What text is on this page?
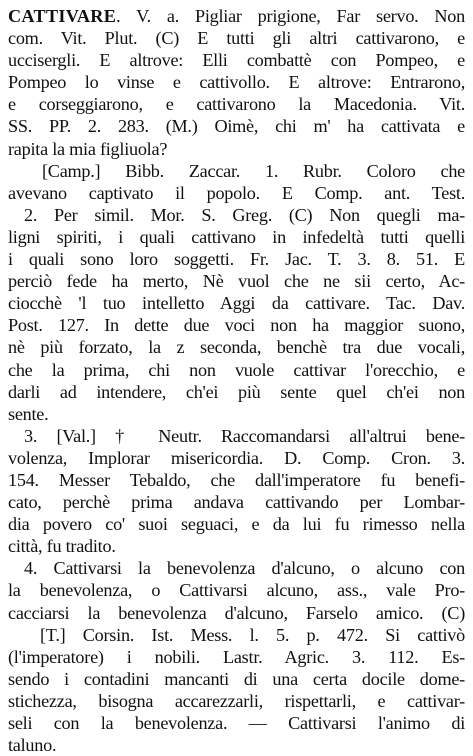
CATTIVARE. V. a. Pigliar prigione, Far servo. Non
com. Vit. Plut. (C) E tutti gli altri cattivarono, e
uccisergli. E altrove: Elli combattè con Pompeo, e
Pompeo lo vinse e cattivollo. E altrove: Entrarono,
e corseggiarono, e cattivarono la Macedonia. Vit.
SS. PP. 2. 283. (M.) Oimè, chi m' ha cattivata e
rapita la mia figliuola?
[Camp.] Bibb. Zaccar. 1. Rubr. Coloro che
avevano captivato il popolo. E Comp. ant. Test.
2. Per simil. Mor. S. Greg. (C) Non quegli ma-
ligni spiriti, i quali cattivano in infedeltà tutti quelli
i quali sono loro soggetti. Fr. Jac. T. 3. 8. 51. E
perciò fede ha merto, Nè vuol che ne sii certo, Ac-
ciocchè 'l tuo intelletto Aggi da cattivare. Tac. Dav.
Post. 127. In dette due voci non ha maggior suono,
nè più forzato, la z seconda, benchè tra due vocali,
che la prima, chi non vuole cattivar l'orecchio, e
darli ad intendere, ch'ei più sente quel ch'ei non
sente.
3. [Val.] † Neutr. Raccomandarsi all'altrui bene-
volenza, Implorar misericordia. D. Comp. Cron. 3.
154. Messer Tebaldo, che dall'imperatore fu benefi-
cato, perchè prima andava cattivando per Lombar-
dia povero co' suoi seguaci, e da lui fu rimesso nella
città, fu tradito.
4. Cattivarsi la benevolenza d'alcuno, o alcuno con
la benevolenza, o Cattivarsi alcuno, ass., vale Pro-
cacciarsi la benevolenza d'alcuno, Farselo amico. (C)
[T.] Corsin. Ist. Mess. l. 5. p. 472. Si cattivò
(l'imperatore) i nobili. Lastr. Agric. 3. 112. Es-
sendo i contadini mancanti di una certa docile dome-
stichezza, bisogna accarezzarli, rispettarli, e cattivar-
seli con la benevolenza. — Cattivarsi l'animo di
taluno.
